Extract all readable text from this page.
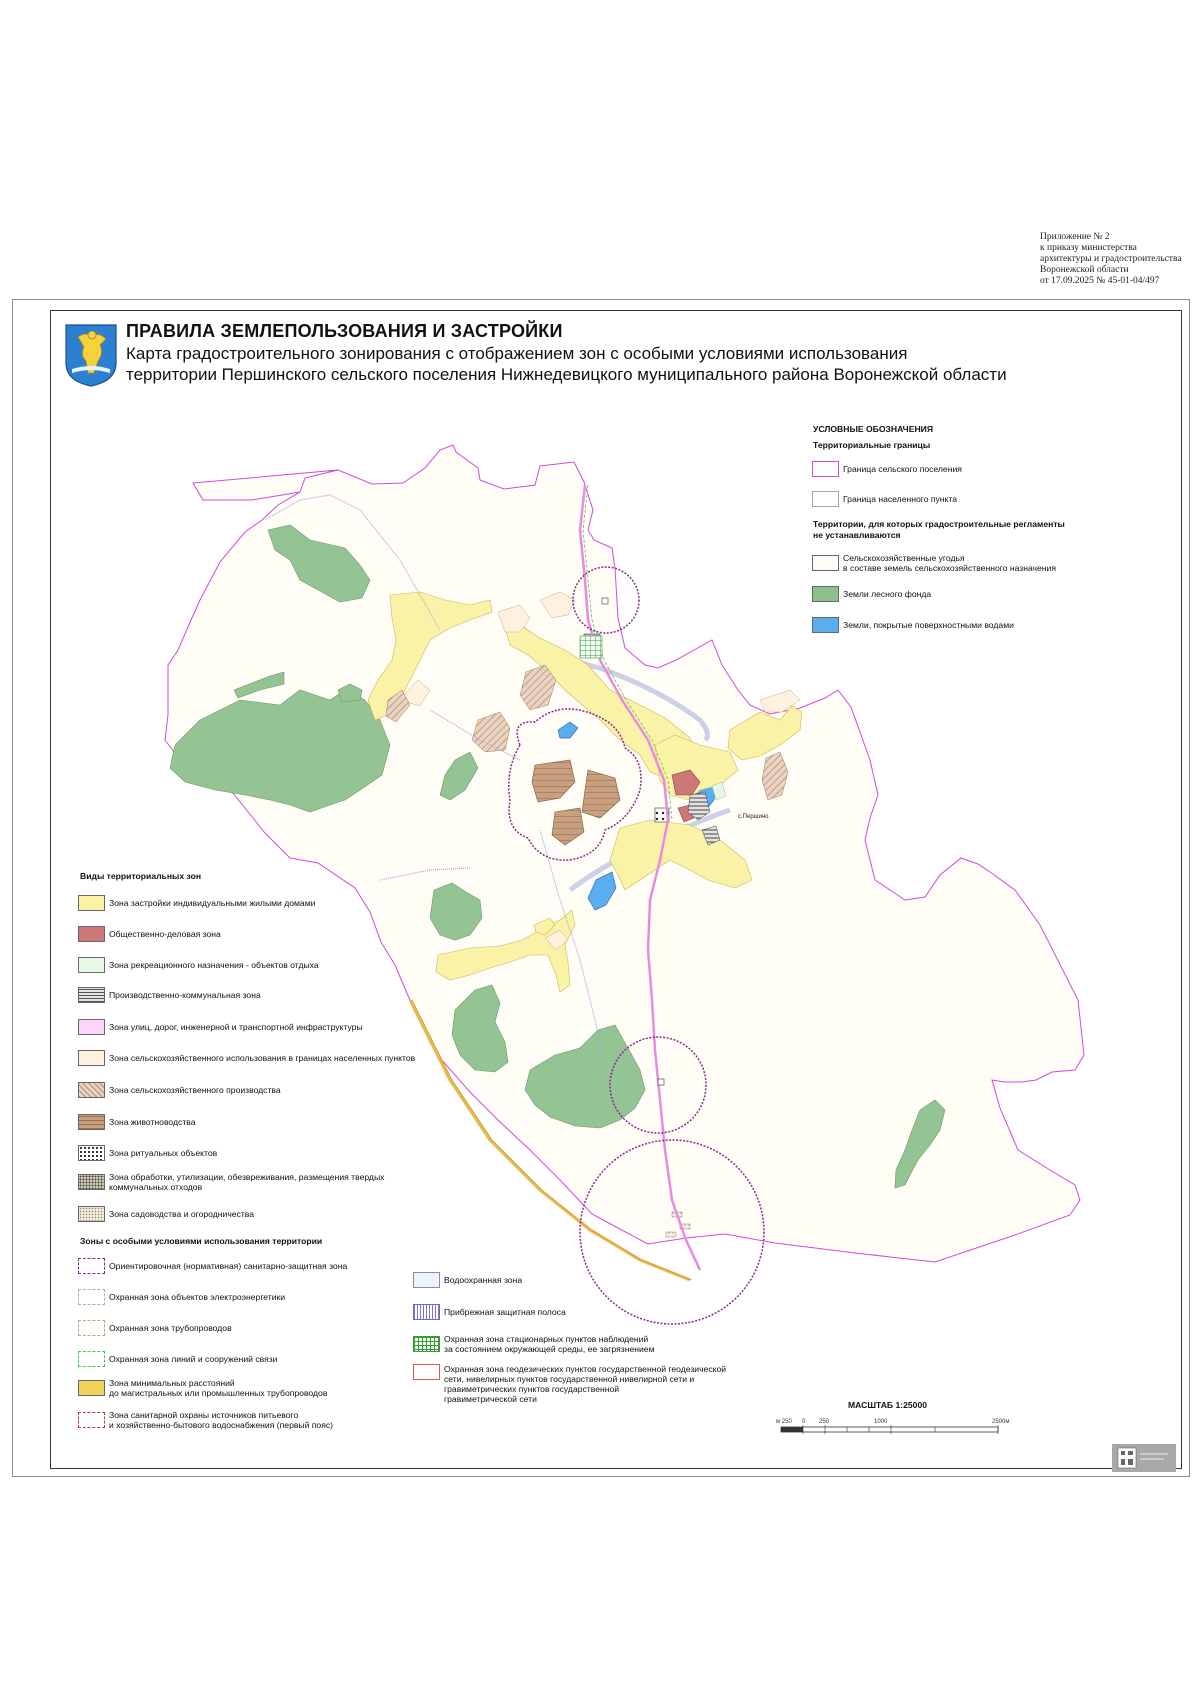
Приложение № 2
к приказу министерства
архитектуры и градостроительства
Воронежской области
от 17.09.2025 № 45-01-04/497
ПРАВИЛА ЗЕМЛЕПОЛЬЗОВАНИЯ И ЗАСТРОЙКИ
Карта градостроительного зонирования с отображением зон с особыми условиями использования
территории Першинского сельского поселения Нижнедевицкого муниципального района Воронежской области
с.Першино
УСЛОВНЫЕ ОБОЗНАЧЕНИЯ
Территориальные границы
Граница сельского поселения
Граница населенного пункта
Территории, для которых градостроительные регламенты
не устанавливаются
Сельскохозяйственные угодья
в составе земель сельскохозяйственного назначения
Земли лесного фонда
Земли, покрытые поверхностными водами
Виды территориальных зон
Зона застройки индивидуальными жилыми домами
Общественно-деловая зона
Зона рекреационного назначения - объектов отдыха
Производственно-коммунальная зона
Зона улиц, дорог, инженерной и транспортной инфраструктуры
Зона сельскохозяйственного использования в границах населенных пунктов
Зона сельскохозяйственного производства
Зона животноводства
Зона ритуальных объектов
Зона обработки, утилизации, обезвреживания, размещения твердых
коммунальных отходов
Зона садоводства и огородничества
Зоны с особыми условиями использования территории
Ориентировочная (нормативная) санитарно-защитная зона
Охранная зона объектов электроэнергетики
Охранная зона трубопроводов
Охранная зона линий и сооружений связи
Зона минимальных расстояний
до магистральных или промышленных трубопроводов
Зона санитарной охраны источников питьевого
и хозяйственно-бытового водоснабжения (первый пояс)
Водоохранная зона
Прибрежная защитная полоса
Охранная зона стационарных пунктов наблюдений
за состоянием окружающей среды, ее загрязнением
Охранная зона геодезических пунктов государственной геодезической
сети, нивелирных пунктов государственной нивелирной сети и
гравиметрических пунктов государственной
гравиметрической сети
МАСШТАБ 1:25000
м 250 0 250	1000	2500м
